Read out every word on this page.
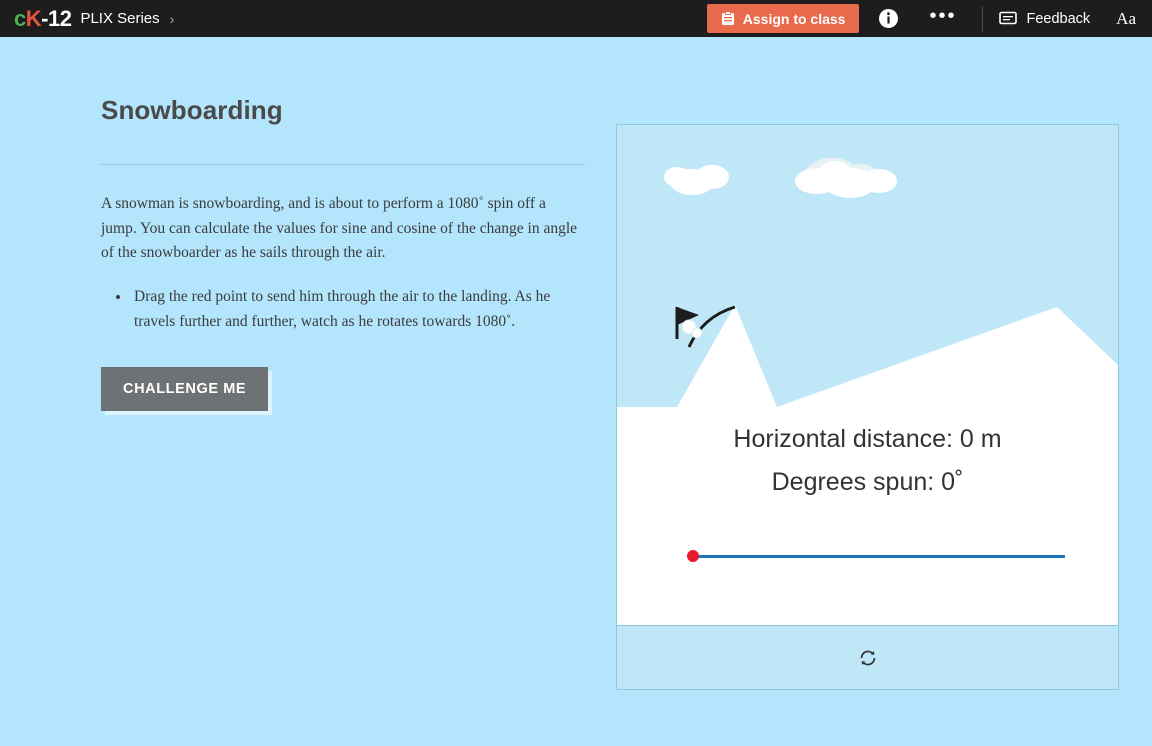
cK-12 PLIX Series ›	Assign to class	•••	Feedback Aa
Snowboarding

A snowman is snowboarding, and is about to perform a 1080˚ spin off a jump. You can calculate the values for sine and cosine of the change in angle of the snowboarder as he sails through the air.

• Drag the red point to send him through the air to the landing. As he travels further and further, watch as he rotates towards 1080˚.
CHALLENGE ME
Horizontal distance: 0 m
Degrees spun: 0˚
